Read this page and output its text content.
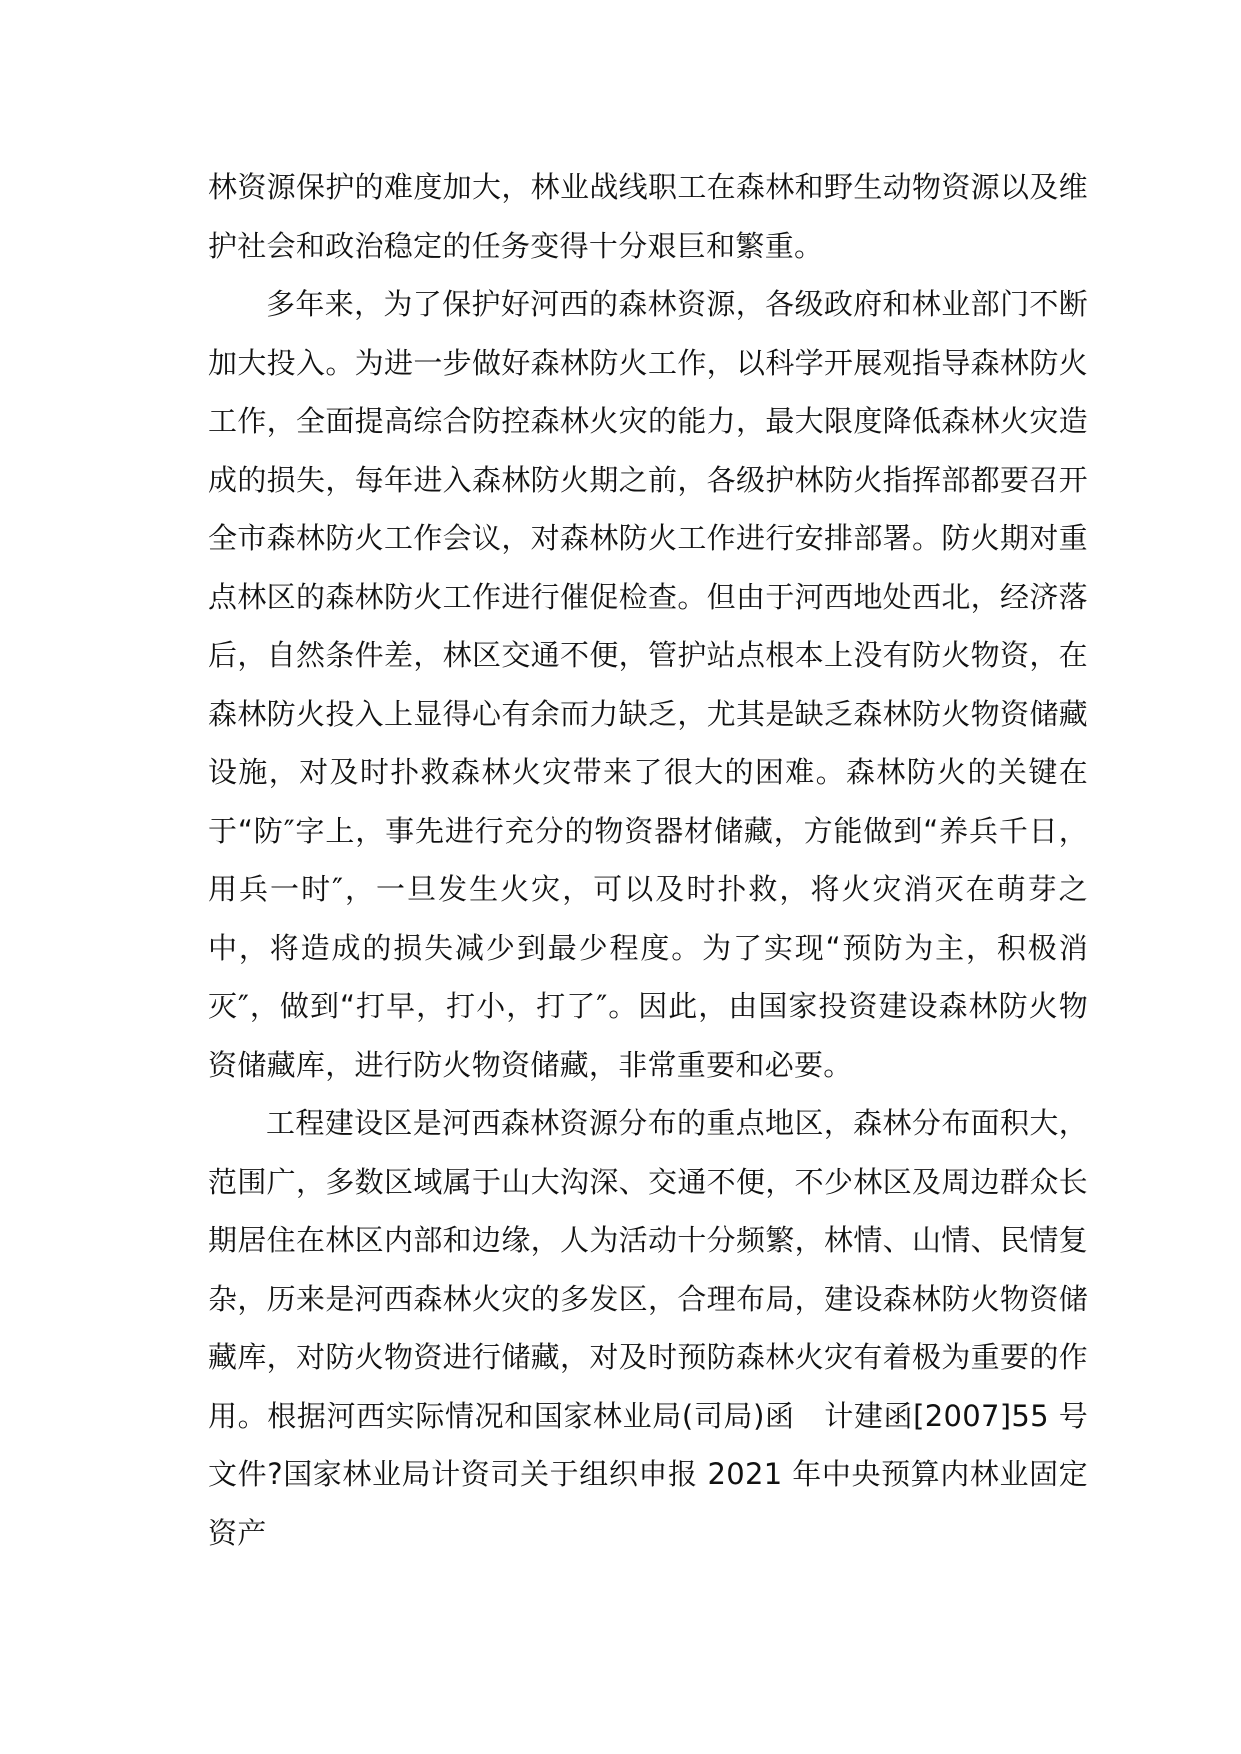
林资源保护的难度加大，林业战线职工在森林和野生动物资源以及维护社会和政治稳定的任务变得十分艰巨和繁重。

多年来，为了保护好河西的森林资源，各级政府和林业部门不断加大投入。为进一步做好森林防火工作，以科学开展观指导森林防火工作，全面提高综合防控森林火灾的能力，最大限度降低森林火灾造成的损失，每年进入森林防火期之前，各级护林防火指挥部都要召开全市森林防火工作会议，对森林防火工作进行安排部署。防火期对重点林区的森林防火工作进行催促检查。但由于河西地处西北，经济落后，自然条件差，林区交通不便，管护站点根本上没有防火物资，在森林防火投入上显得心有余而力缺乏，尤其是缺乏森林防火物资储藏设施，对及时扑救森林火灾带来了很大的困难。森林防火的关键在于“防″字上，事先进行充分的物资器材储藏，方能做到“养兵千日，用兵一时″，一旦发生火灾，可以及时扑救，将火灾消灭在萌芽之中，将造成的损失减少到最少程度。为了实现“预防为主，积极消灭″，做到“打早，打小，打了″。因此，由国家投资建设森林防火物资储藏库，进行防火物资储藏，非常重要和必要。

工程建设区是河西森林资源分布的重点地区，森林分布面积大，范围广，多数区域属于山大沟深、交通不便，不少林区及周边群众长期居住在林区内部和边缘，人为活动十分频繁，林情、山情、民情复杂，历来是河西森林火灾的多发区，合理布局，建设森林防火物资储藏库，对防火物资进行储藏，对及时预防森林火灾有着极为重要的作用。根据河西实际情况和国家林业局(司局)函　计建函[2007]55 号文件?国家林业局计资司关于组织申报 2021 年中央预算内林业固定资产
